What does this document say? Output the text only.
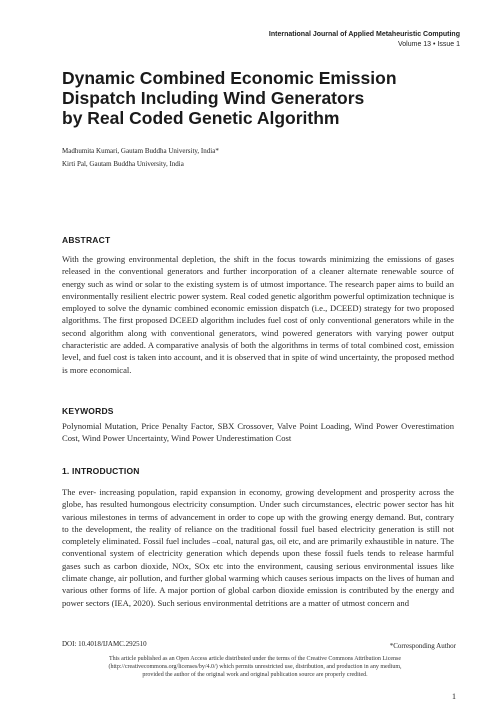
International Journal of Applied Metaheuristic Computing
Volume 13 • Issue 1
Dynamic Combined Economic Emission
Dispatch Including Wind Generators
by Real Coded Genetic Algorithm
Madhumita Kumari, Gautam Buddha University, India*
Kirti Pal, Gautam Buddha University, India
ABSTRACT
With the growing environmental depletion, the shift in the focus towards minimizing the emissions of gases released in the conventional generators and further incorporation of a cleaner alternate renewable source of energy such as wind or solar to the existing system is of utmost importance. The research paper aims to build an environmentally resilient electric power system. Real coded genetic algorithm powerful optimization technique is employed to solve the dynamic combined economic emission dispatch (i.e., DCEED) strategy for two proposed algorithms. The first proposed DCEED algorithm includes fuel cost of only conventional generators while in the second algorithm along with conventional generators, wind powered generators with varying power output characteristic are added. A comparative analysis of both the algorithms in terms of total combined cost, emission level, and fuel cost is taken into account, and it is observed that in spite of wind uncertainty, the proposed method is more economical.
KEYWORDS
Polynomial Mutation, Price Penalty Factor, SBX Crossover, Valve Point Loading, Wind Power Overestimation Cost, Wind Power Uncertainty, Wind Power Underestimation Cost
1. INTRODUCTION
The ever- increasing population, rapid expansion in economy, growing development and prosperity across the globe, has resulted humongous electricity consumption. Under such circumstances, electric power sector has hit various milestones in terms of advancement in order to cope up with the growing energy demand. But, contrary to the development, the reality of reliance on the traditional fossil fuel based electricity generation is still not completely eliminated. Fossil fuel includes –coal, natural gas, oil etc, and are primarily exhaustible in nature. The conventional system of electricity generation which depends upon these fossil fuels tends to release harmful gases such as carbon dioxide, NOx, SOx etc into the environment, causing serious environmental issues like climate change, air pollution, and further global warming which causes serious impacts on the lives of human and various other forms of life. A major portion of global carbon dioxide emission is contributed by the energy and power sectors (IEA, 2020). Such serious environmental detritions are a matter of utmost concern and
DOI: 10.4018/IJAMC.292510	*Corresponding Author
This article published as an Open Access article distributed under the terms of the Creative Commons Attribution License
(http://creativecommons.org/licenses/by/4.0/) which permits unrestricted use, distribution, and production in any medium,
provided the author of the original work and original publication source are properly credited.
1
